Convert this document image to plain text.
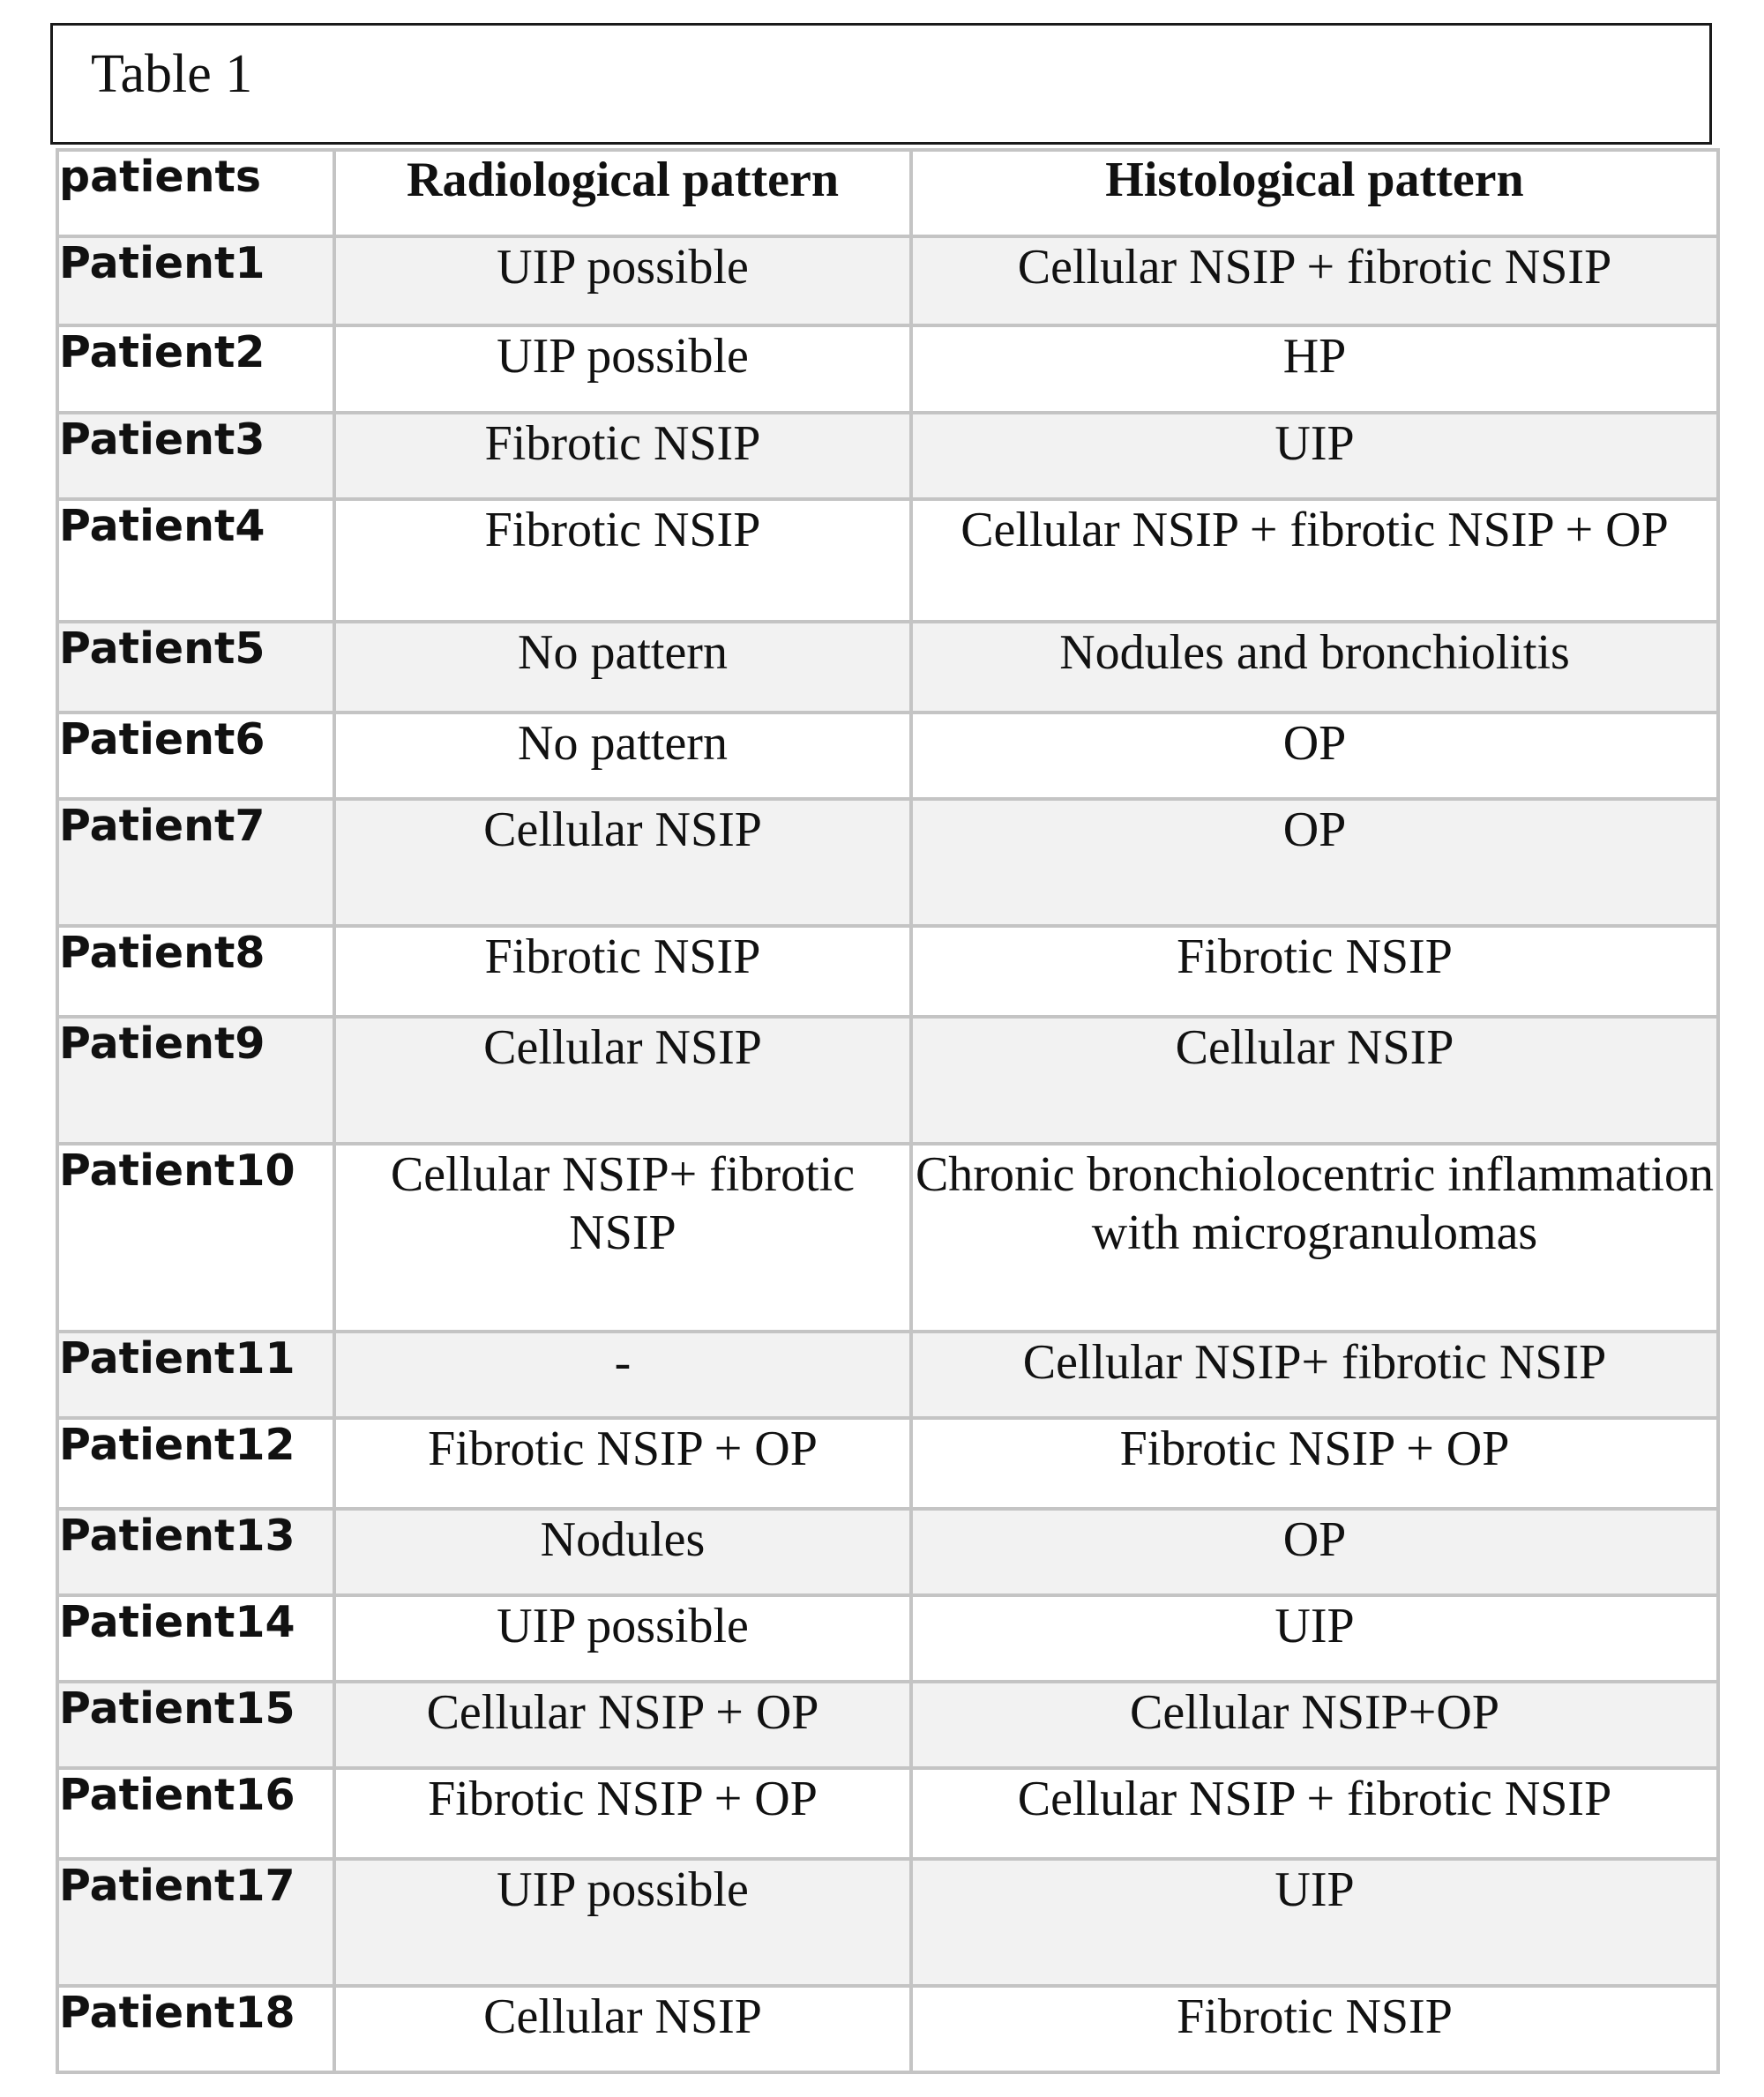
Table 1
patients	Radiological pattern	Histological pattern
Patient1	UIP possible	Cellular NSIP + fibrotic NSIP
Patient2	UIP possible	HP
Patient3	Fibrotic NSIP	UIP
Patient4	Fibrotic NSIP	Cellular NSIP + fibrotic NSIP + OP
Patient5	No pattern	Nodules and bronchiolitis
Patient6	No pattern	OP
Patient7	Cellular NSIP	OP
Patient8	Fibrotic NSIP	Fibrotic NSIP
Patient9	Cellular NSIP	Cellular NSIP
Patient10	Cellular NSIP+ fibrotic NSIP	Chronic bronchiolocentric inflammation with microgranulomas
Patient11	-	Cellular NSIP+ fibrotic NSIP
Patient12	Fibrotic NSIP + OP	Fibrotic NSIP + OP
Patient13	Nodules	OP
Patient14	UIP possible	UIP
Patient15	Cellular NSIP + OP	Cellular NSIP+OP
Patient16	Fibrotic NSIP + OP	Cellular NSIP + fibrotic NSIP
Patient17	UIP possible	UIP
Patient18	Cellular NSIP	Fibrotic NSIP
